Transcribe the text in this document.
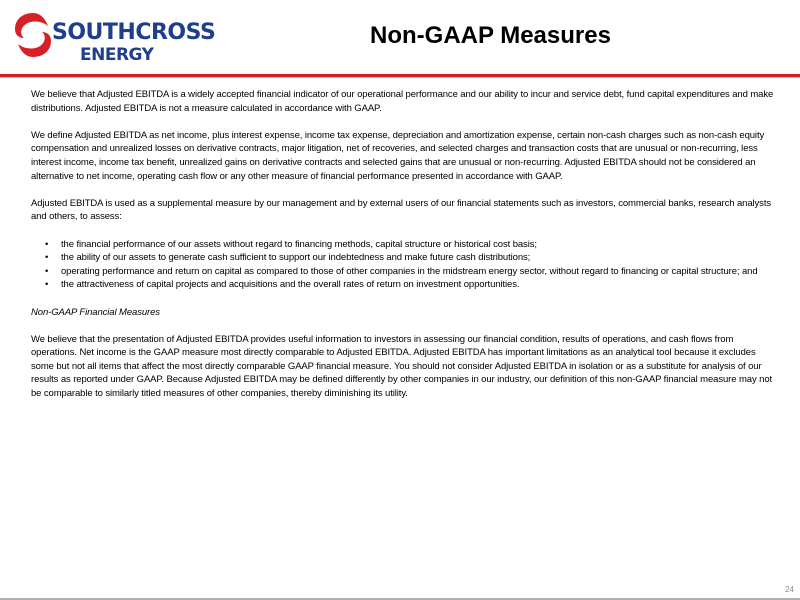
SOUTHCROSS
ENERGY
Non-GAAP Measures

We believe that Adjusted EBITDA is a widely accepted financial indicator of our operational performance and our ability to incur and service debt, fund capital expenditures and make distributions. Adjusted EBITDA is not a measure calculated in accordance with GAAP.

We define Adjusted EBITDA as net income, plus interest expense, income tax expense, depreciation and amortization expense, certain non-cash charges such as non-cash equity compensation and unrealized losses on derivative contracts, major litigation, net of recoveries, and selected charges and transaction costs that are unusual or non-recurring, less interest income, income tax benefit, unrealized gains on derivative contracts and selected gains that are unusual or non-recurring. Adjusted EBITDA should not be considered an alternative to net income, operating cash flow or any other measure of financial performance presented in accordance with GAAP.

Adjusted EBITDA is used as a supplemental measure by our management and by external users of our financial statements such as investors, commercial banks, research analysts and others, to assess:

• the financial performance of our assets without regard to financing methods, capital structure or historical cost basis;
• the ability of our assets to generate cash sufficient to support our indebtedness and make future cash distributions;
• operating performance and return on capital as compared to those of other companies in the midstream energy sector, without regard to financing or capital structure; and
• the attractiveness of capital projects and acquisitions and the overall rates of return on investment opportunities.

Non-GAAP Financial Measures

We believe that the presentation of Adjusted EBITDA provides useful information to investors in assessing our financial condition, results of operations, and cash flows from operations. Net income is the GAAP measure most directly comparable to Adjusted EBITDA. Adjusted EBITDA has important limitations as an analytical tool because it excludes some but not all items that affect the most directly comparable GAAP financial measure. You should not consider Adjusted EBITDA in isolation or as a substitute for analysis of our results as reported under GAAP. Because Adjusted EBITDA may be defined differently by other companies in our industry, our definition of this non-GAAP financial measure may not be comparable to similarly titled measures of other companies, thereby diminishing its utility.

24
